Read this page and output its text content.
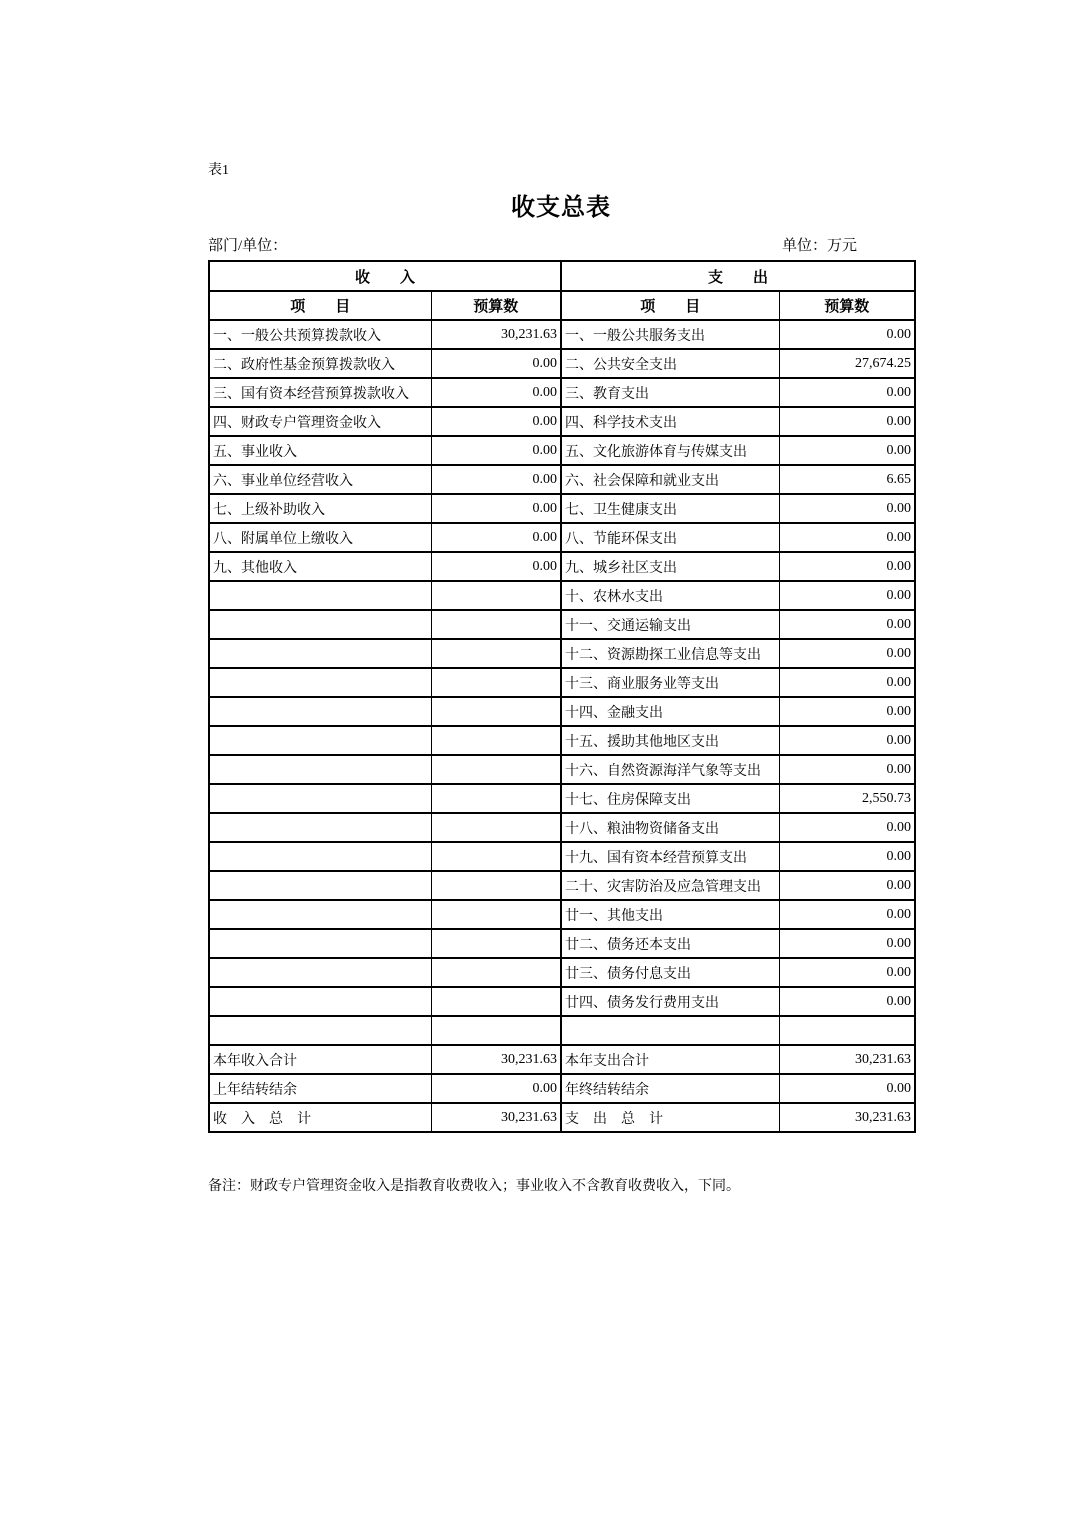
表1
收支总表
部门/单位：	单位：万元
收　　入		支　　出	
项　　目	预算数	项　　目	预算数
一、一般公共预算拨款收入	30,231.63	一、一般公共服务支出	0.00
二、政府性基金预算拨款收入	0.00	二、公共安全支出	27,674.25
三、国有资本经营预算拨款收入	0.00	三、教育支出	0.00
四、财政专户管理资金收入	0.00	四、科学技术支出	0.00
五、事业收入	0.00	五、文化旅游体育与传媒支出	0.00
六、事业单位经营收入	0.00	六、社会保障和就业支出	6.65
七、上级补助收入	0.00	七、卫生健康支出	0.00
八、附属单位上缴收入	0.00	八、节能环保支出	0.00
九、其他收入	0.00	九、城乡社区支出	0.00
		十、农林水支出	0.00
		十一、交通运输支出	0.00
		十二、资源勘探工业信息等支出	0.00
		十三、商业服务业等支出	0.00
		十四、金融支出	0.00
		十五、援助其他地区支出	0.00
		十六、自然资源海洋气象等支出	0.00
		十七、住房保障支出	2,550.73
		十八、粮油物资储备支出	0.00
		十九、国有资本经营预算支出	0.00
		二十、灾害防治及应急管理支出	0.00
		廿一、其他支出	0.00
		廿二、债务还本支出	0.00
		廿三、债务付息支出	0.00
		廿四、债务发行费用支出	0.00

本年收入合计	30,231.63	本年支出合计	30,231.63
上年结转结余	0.00	年终结转结余	0.00
收　入　总　计	30,231.63	支　出　总　计	30,231.63

备注：财政专户管理资金收入是指教育收费收入；事业收入不含教育收费收入，下同。
